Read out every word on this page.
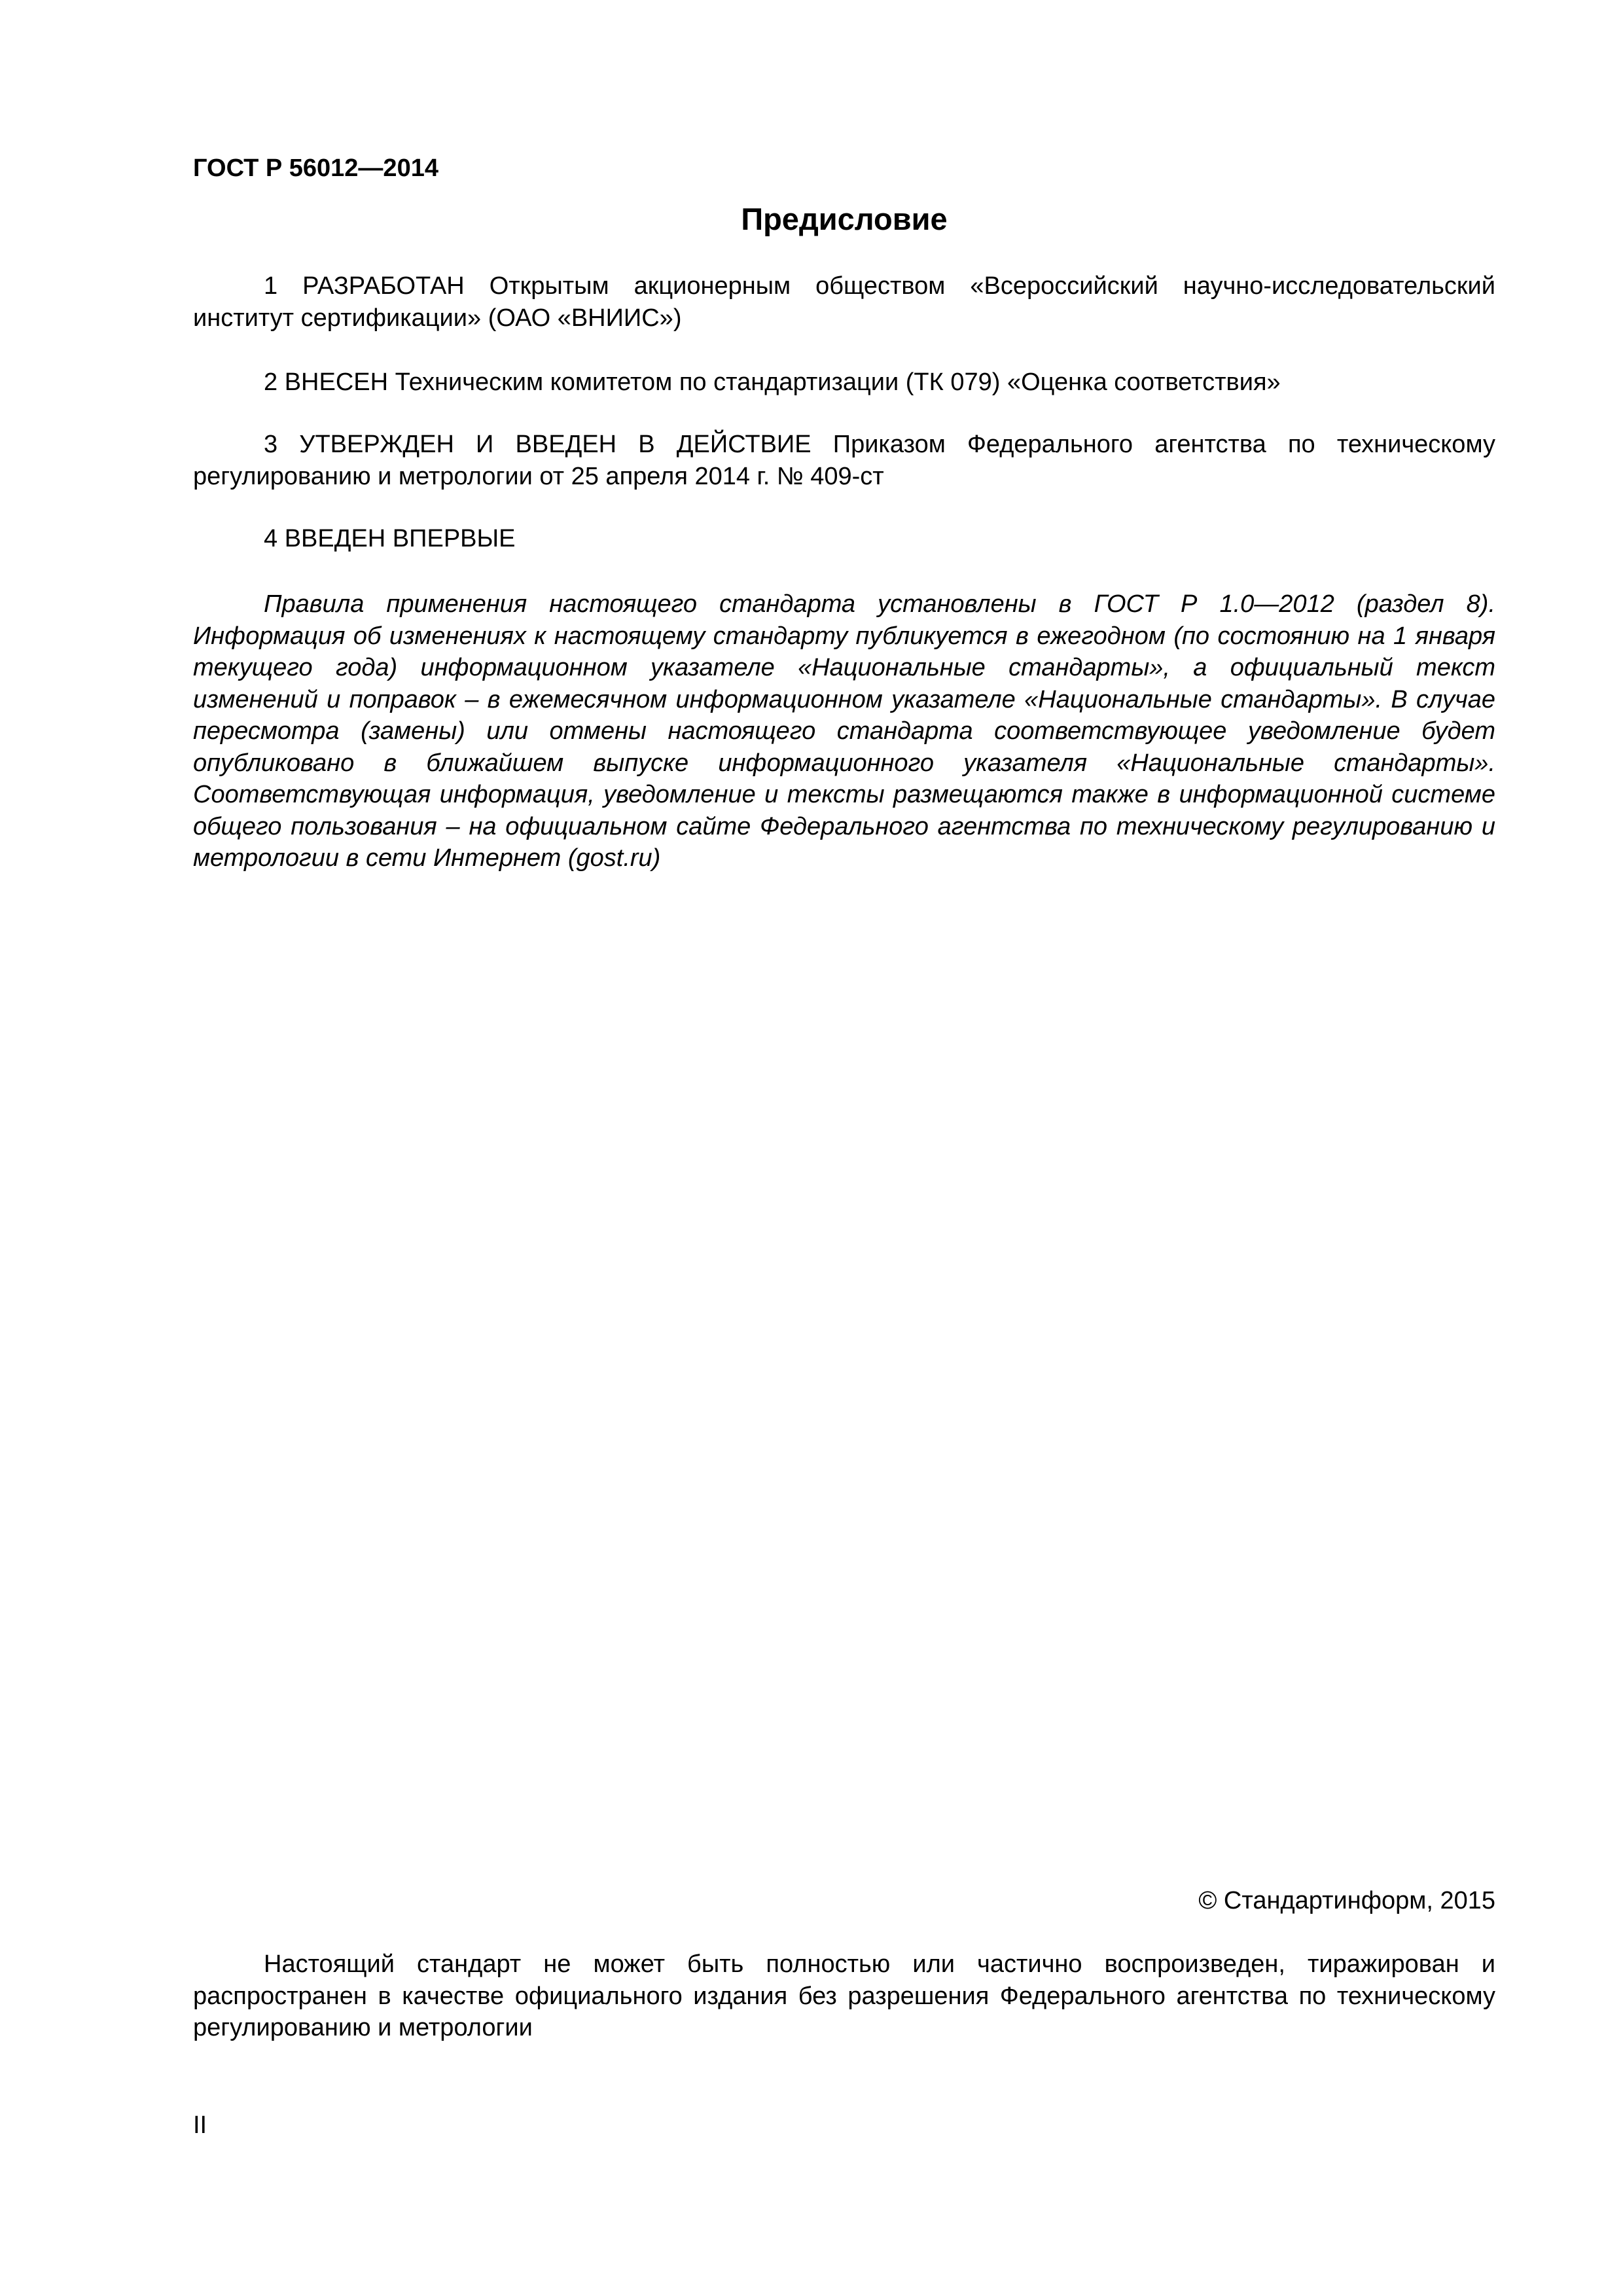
ГОСТ Р 56012—2014
Предисловие

1 РАЗРАБОТАН Открытым акционерным обществом «Всероссийский научно-исследовательский институт сертификации» (ОАО «ВНИИС»)

2 ВНЕСЕН Техническим комитетом по стандартизации (ТК 079) «Оценка соответствия»

3 УТВЕРЖДЕН И ВВЕДЕН В ДЕЙСТВИЕ Приказом Федерального агентства по техническому регулированию и метрологии от 25 апреля 2014 г. № 409-ст

4 ВВЕДЕН ВПЕРВЫЕ

Правила применения настоящего стандарта установлены в ГОСТ Р 1.0—2012 (раздел 8). Информация об изменениях к настоящему стандарту публикуется в ежегодном (по состоянию на 1 января текущего года) информационном указателе «Национальные стандарты», а официальный текст изменений и поправок – в ежемесячном информационном указателе «Национальные стандарты». В случае пересмотра (замены) или отмены настоящего стандарта соответствующее уведомление будет опубликовано в ближайшем выпуске информационного указателя «Национальные стандарты». Соответствующая информация, уведомление и тексты размещаются также в информационной системе общего пользования – на официальном сайте Федерального агентства по техническому регулированию и метрологии в сети Интернет (gost.ru)

© Стандартинформ, 2015

Настоящий стандарт не может быть полностью или частично воспроизведен, тиражирован и распространен в качестве официального издания без разрешения Федерального агентства по техническому регулированию и метрологии

II
